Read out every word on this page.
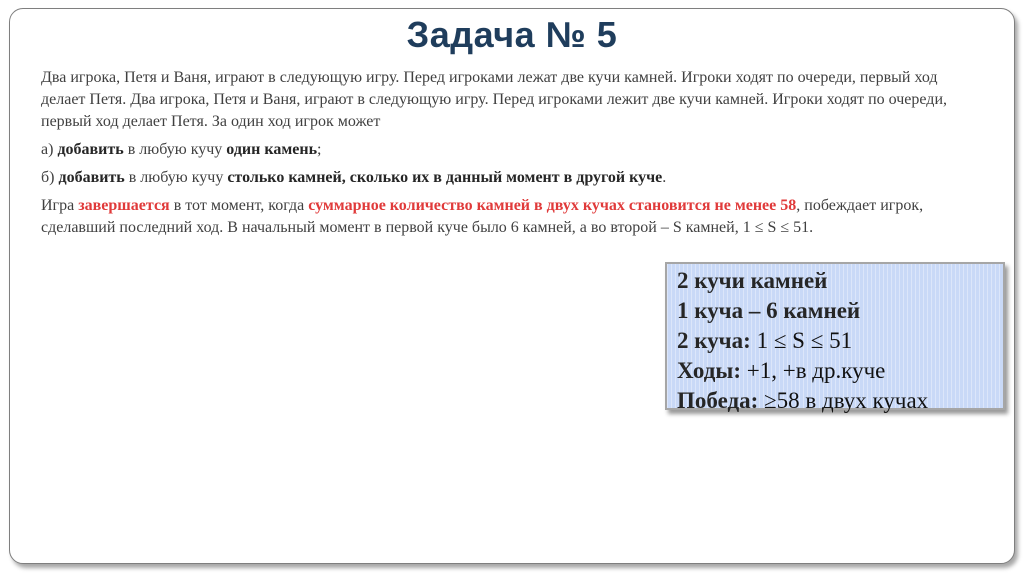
Задача № 5

Два игрока, Петя и Ваня, играют в следующую игру. Перед игроками лежат две кучи камней. Игроки ходят по очереди, первый ход делает Петя. Два игрока, Петя и Ваня, играют в следующую игру. Перед игроками лежит две кучи камней. Игроки ходят по очереди, первый ход делает Петя. За один ход игрок может

а) добавить в любую кучу один камень;

б) добавить в любую кучу столько камней, сколько их в данный момент в другой куче.

Игра завершается в тот момент, когда суммарное количество камней в двух кучах становится не менее 58, побеждает игрок, сделавший последний ход. В начальный момент в первой куче было 6 камней, а во второй – S камней, 1 ≤ S ≤ 51.

2 кучи камней
1 куча – 6 камней
2 куча: 1 ≤ S ≤ 51
Ходы: +1, +в др.куче
Победа: ≥58 в двух кучах
